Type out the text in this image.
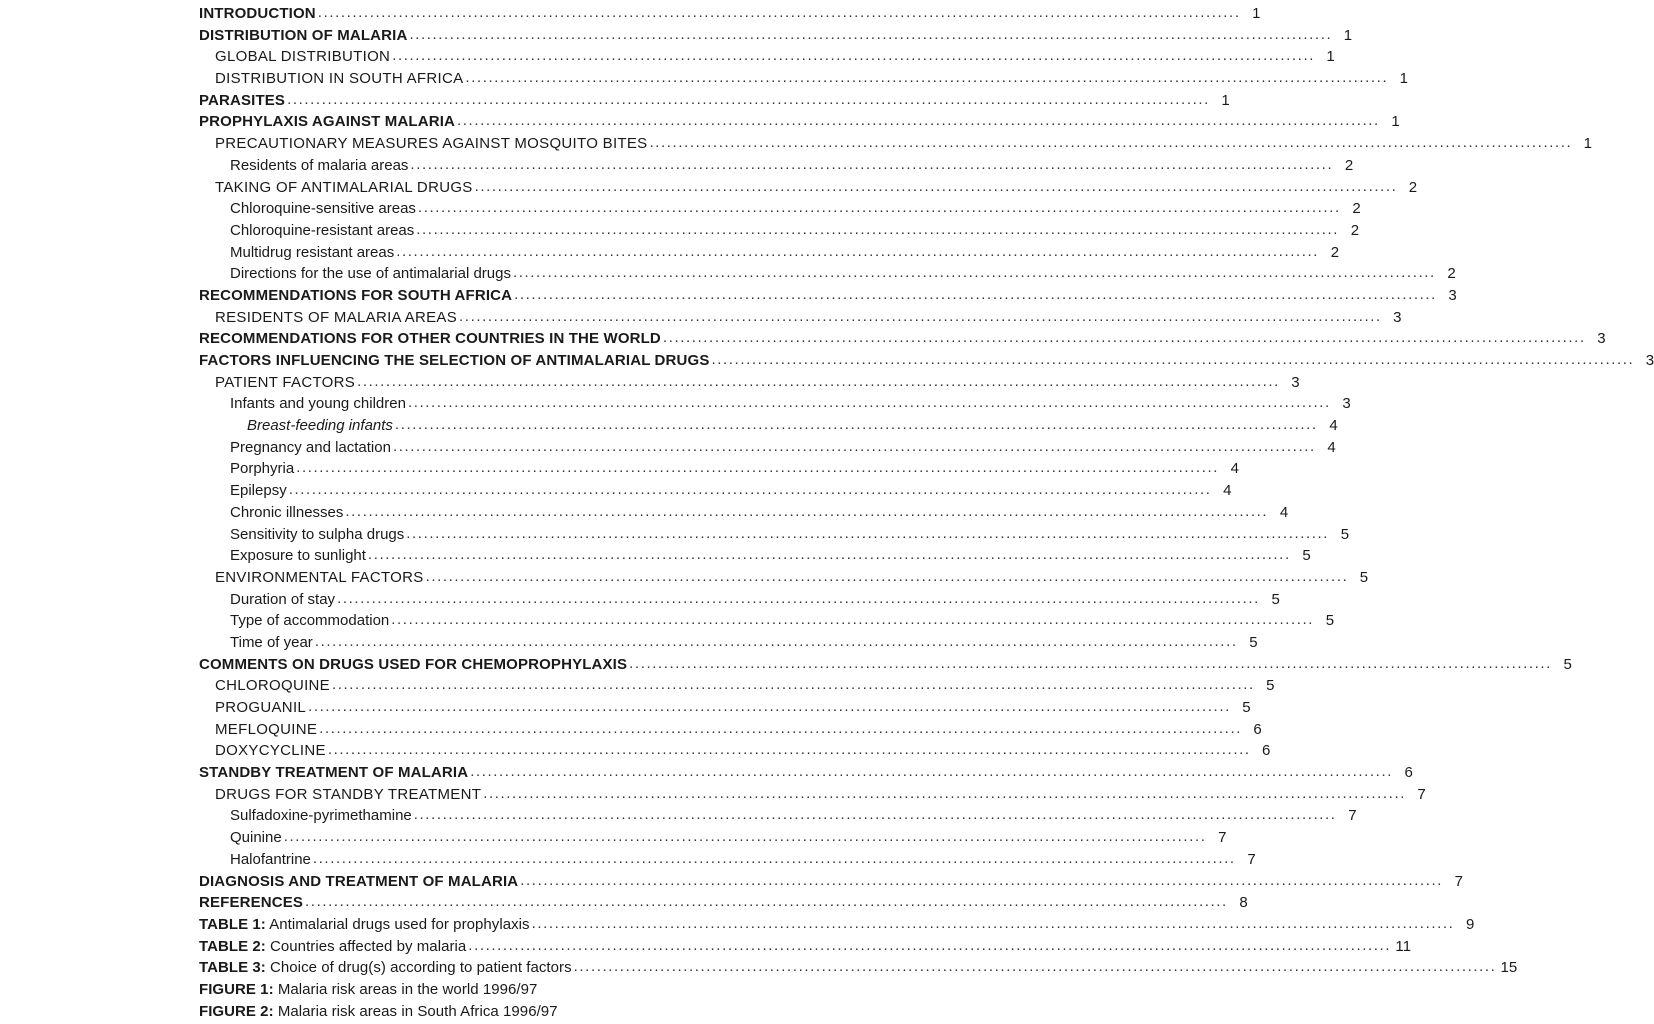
INTRODUCTION ................................................................................................................................................................ 1
DISTRIBUTION OF MALARIA ................................................................................................................................................................ 1
GLOBAL DISTRIBUTION ................................................................................................................................................................ 1
DISTRIBUTION IN SOUTH AFRICA ................................................................................................................................................................ 1
PARASITES ................................................................................................................................................................ 1
PROPHYLAXIS AGAINST MALARIA ................................................................................................................................................................ 1
PRECAUTIONARY MEASURES AGAINST MOSQUITO BITES ................................................................................................................................................................ 1
Residents of malaria areas ................................................................................................................................................................ 2
TAKING OF ANTIMALARIAL DRUGS ................................................................................................................................................................ 2
Chloroquine-sensitive areas ................................................................................................................................................................ 2
Chloroquine-resistant areas ................................................................................................................................................................ 2
Multidrug resistant areas ................................................................................................................................................................ 2
Directions for the use of antimalarial drugs ................................................................................................................................................................ 2
RECOMMENDATIONS FOR SOUTH AFRICA ................................................................................................................................................................ 3
RESIDENTS OF MALARIA AREAS ................................................................................................................................................................ 3
RECOMMENDATIONS FOR OTHER COUNTRIES IN THE WORLD ................................................................................................................................................................ 3
FACTORS INFLUENCING THE SELECTION OF ANTIMALARIAL DRUGS ................................................................................................................................................................ 3
PATIENT FACTORS ................................................................................................................................................................ 3
Infants and young children ................................................................................................................................................................ 3
Breast-feeding infants ................................................................................................................................................................ 4
Pregnancy and lactation ................................................................................................................................................................ 4
Porphyria ................................................................................................................................................................ 4
Epilepsy ................................................................................................................................................................ 4
Chronic illnesses ................................................................................................................................................................ 4
Sensitivity to sulpha drugs ................................................................................................................................................................ 5
Exposure to sunlight ................................................................................................................................................................ 5
ENVIRONMENTAL FACTORS ................................................................................................................................................................ 5
Duration of stay ................................................................................................................................................................ 5
Type of accommodation ................................................................................................................................................................ 5
Time of year ................................................................................................................................................................ 5
COMMENTS ON DRUGS USED FOR CHEMOPROPHYLAXIS ................................................................................................................................................................ 5
CHLOROQUINE ................................................................................................................................................................ 5
PROGUANIL ................................................................................................................................................................ 5
MEFLOQUINE ................................................................................................................................................................ 6
DOXYCYCLINE ................................................................................................................................................................ 6
STANDBY TREATMENT OF MALARIA ................................................................................................................................................................ 6
DRUGS FOR STANDBY TREATMENT ................................................................................................................................................................ 7
Sulfadoxine-pyrimethamine ................................................................................................................................................................ 7
Quinine ................................................................................................................................................................ 7
Halofantrine ................................................................................................................................................................ 7
DIAGNOSIS AND TREATMENT OF MALARIA ................................................................................................................................................................ 7
REFERENCES ................................................................................................................................................................ 8
TABLE 1: Antimalarial drugs used for prophylaxis ................................................................................................................................................................ 9
TABLE 2: Countries affected by malaria ................................................................................................................................................................ 11
TABLE 3: Choice of drug(s) according to patient factors ................................................................................................................................................................ 15
FIGURE 1: Malaria risk areas in the world 1996/97
FIGURE 2: Malaria risk areas in South Africa 1996/97
